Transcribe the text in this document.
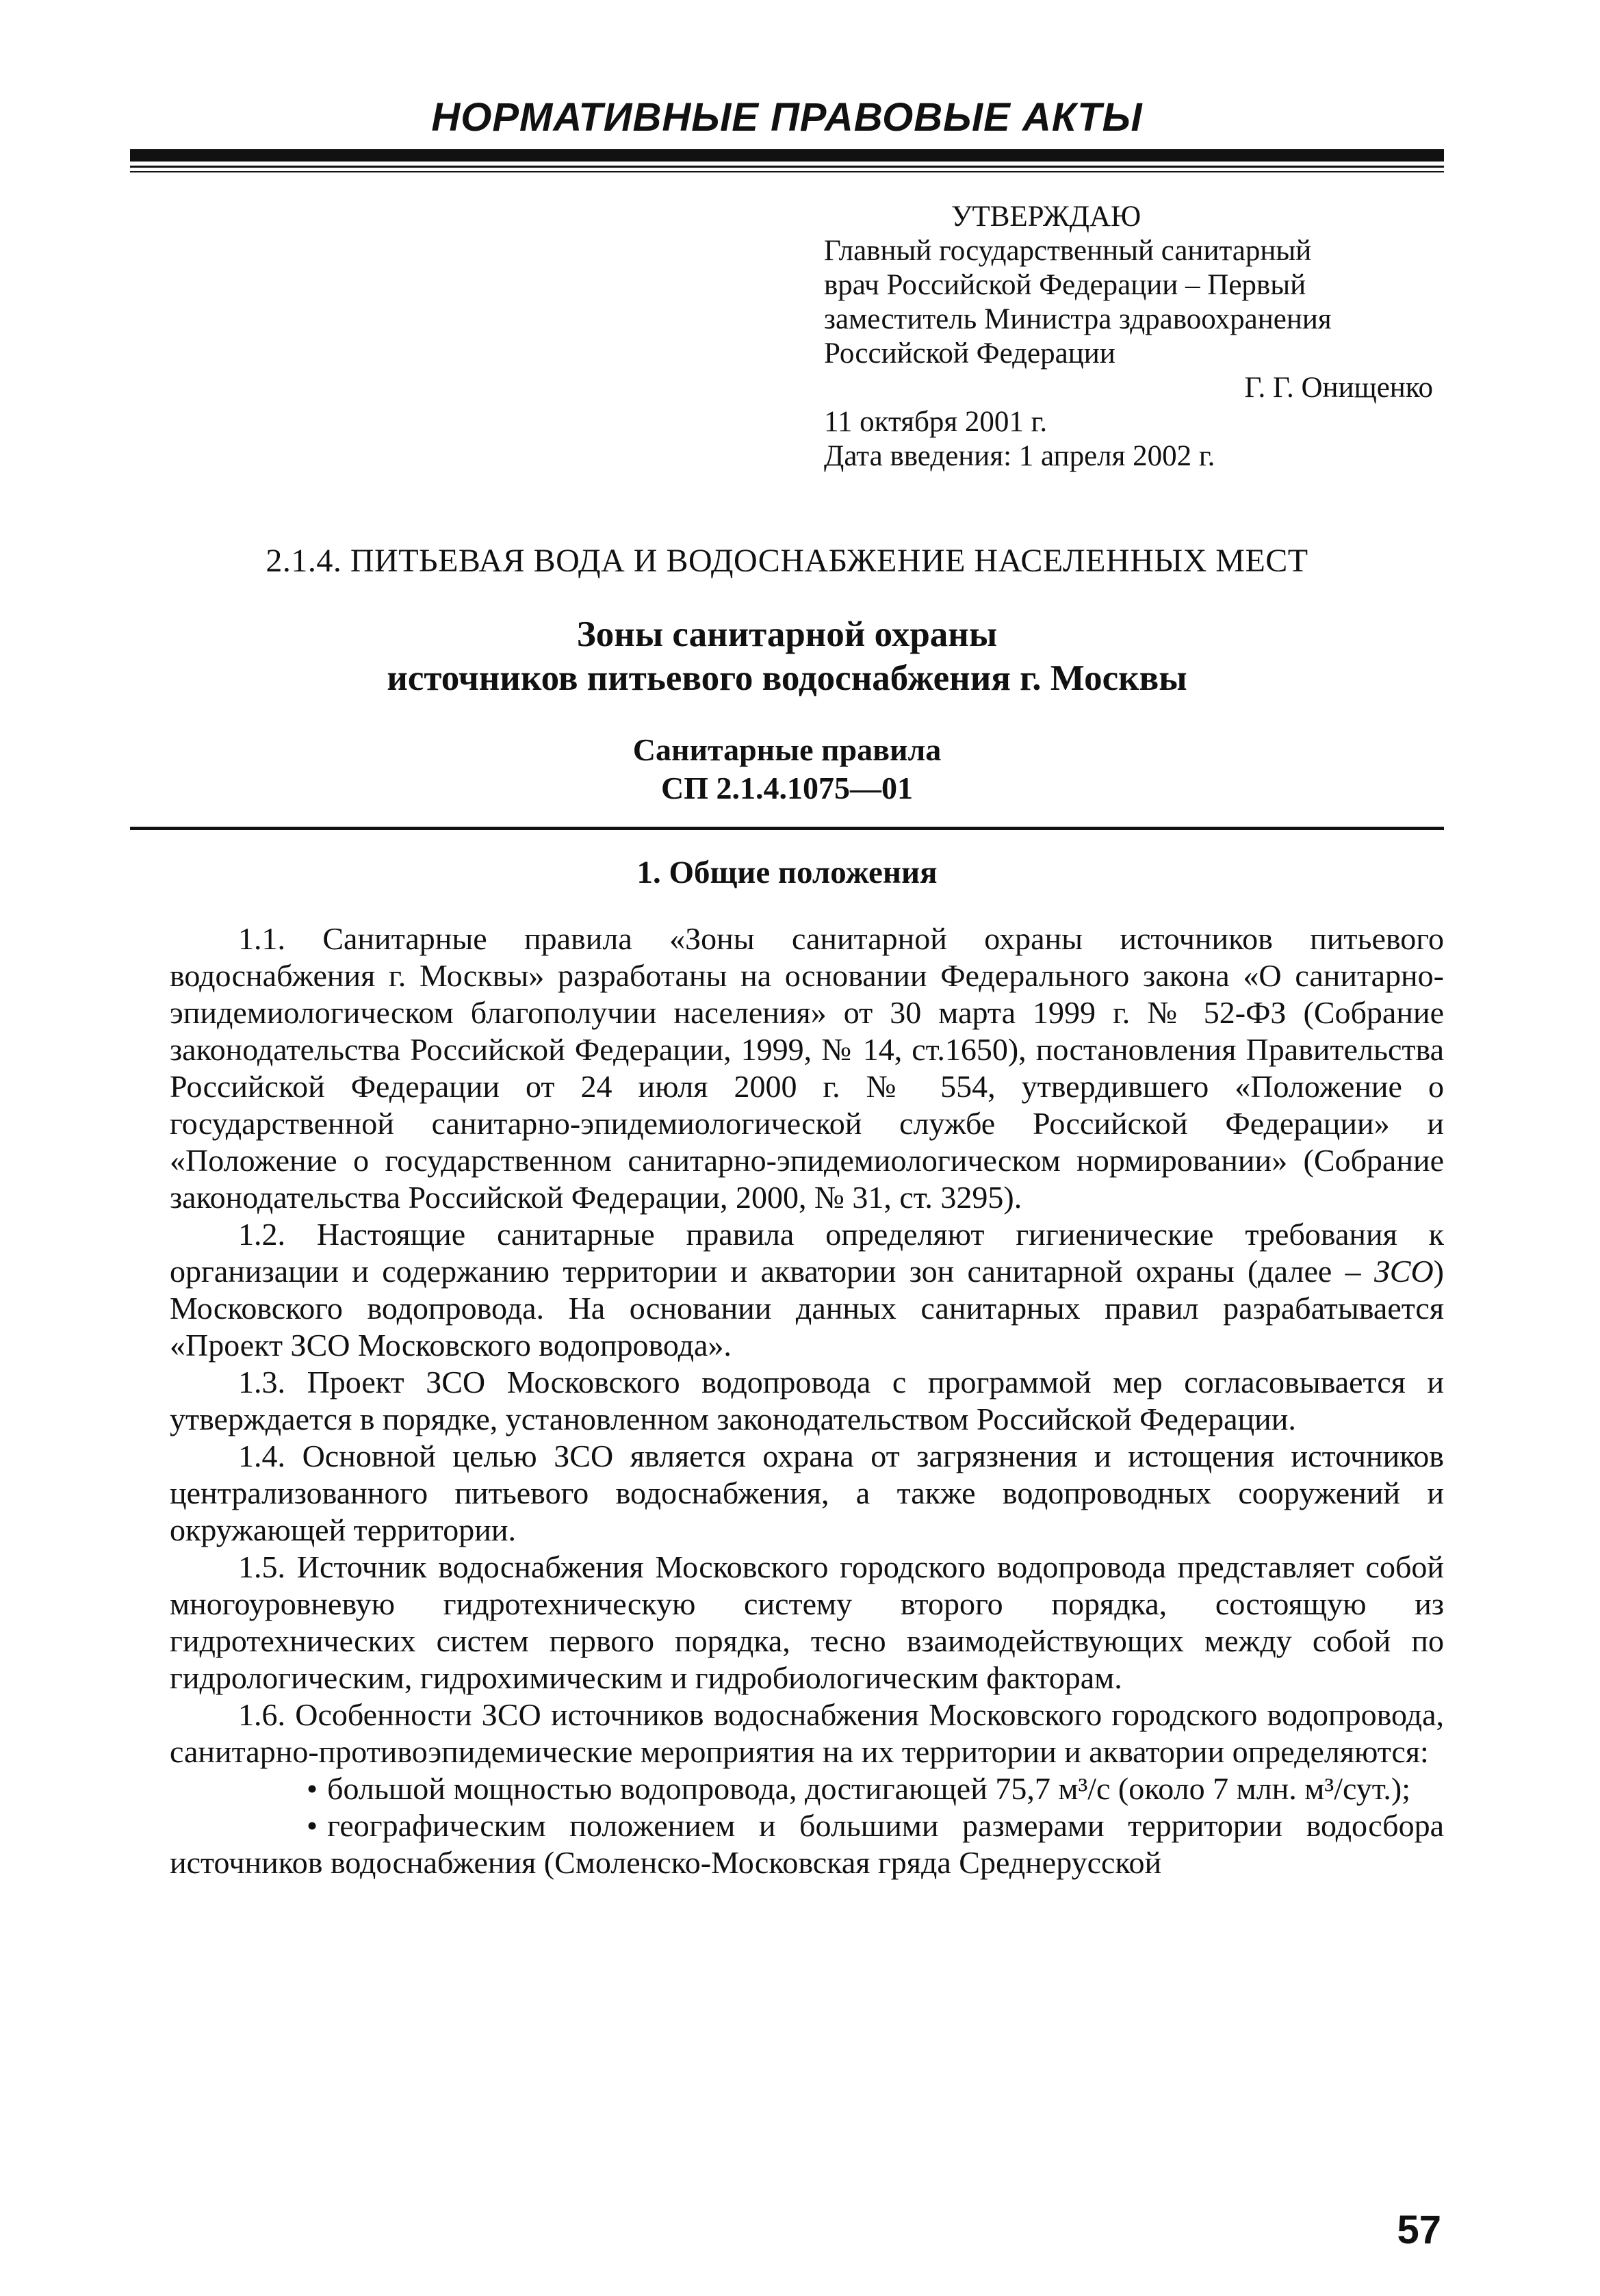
НОРМАТИВНЫЕ ПРАВОВЫЕ АКТЫ
УТВЕРЖДАЮ
Главный государственный санитарный
врач Российской Федерации – Первый
заместитель Министра здравоохранения
Российской Федерации
Г. Г. Онищенко
11 октября 2001 г.
Дата введения: 1 апреля 2002 г.
2.1.4. ПИТЬЕВАЯ ВОДА И ВОДОСНАБЖЕНИЕ НАСЕЛЕННЫХ МЕСТ
Зоны санитарной охраны
источников питьевого водоснабжения г. Москвы
Санитарные правила
СП 2.1.4.1075—01
1. Общие положения

1.1. Санитарные правила «Зоны санитарной охраны источников питьевого водоснабжения г. Москвы» разработаны на основании Федерального закона «О санитарно-эпидемиологическом благополучии населения» от 30 марта 1999 г. № 52-ФЗ (Собрание законодательства Российской Федерации, 1999, № 14, ст.1650), постановления Правительства Российской Федерации от 24 июля 2000 г. № 554, утвердившего «Положение о государственной санитарно-эпидемиологической службе Российской Федерации» и «Положение о государственном санитарно-эпидемиологическом нормировании» (Собрание законодательства Российской Федерации, 2000, № 31, ст. 3295).

1.2. Настоящие санитарные правила определяют гигиенические требования к организации и содержанию территории и акватории зон санитарной охраны (далее – ЗСО) Московского водопровода. На основании данных санитарных правил разрабатывается «Проект ЗСО Московского водопровода».

1.3. Проект ЗСО Московского водопровода с программой мер согласовывается и утверждается в порядке, установленном законодательством Российской Федерации.

1.4. Основной целью ЗСО является охрана от загрязнения и истощения источников централизованного питьевого водоснабжения, а также водопроводных сооружений и окружающей территории.

1.5. Источник водоснабжения Московского городского водопровода представляет собой многоуровневую гидротехническую систему второго порядка, состоящую из гидротехнических систем первого порядка, тесно взаимодействующих между собой по гидрологическим, гидрохимическим и гидробиологическим факторам.

1.6. Особенности ЗСО источников водоснабжения Московского городского водопровода, санитарно-противоэпидемические мероприятия на их территории и акватории определяются:

• большой мощностью водопровода, достигающей 75,7 м³/с (около 7 млн. м³/сут.);

• географическим положением и большими размерами территории водосбора источников водоснабжения (Смоленско-Московская гряда Среднерусской

57
